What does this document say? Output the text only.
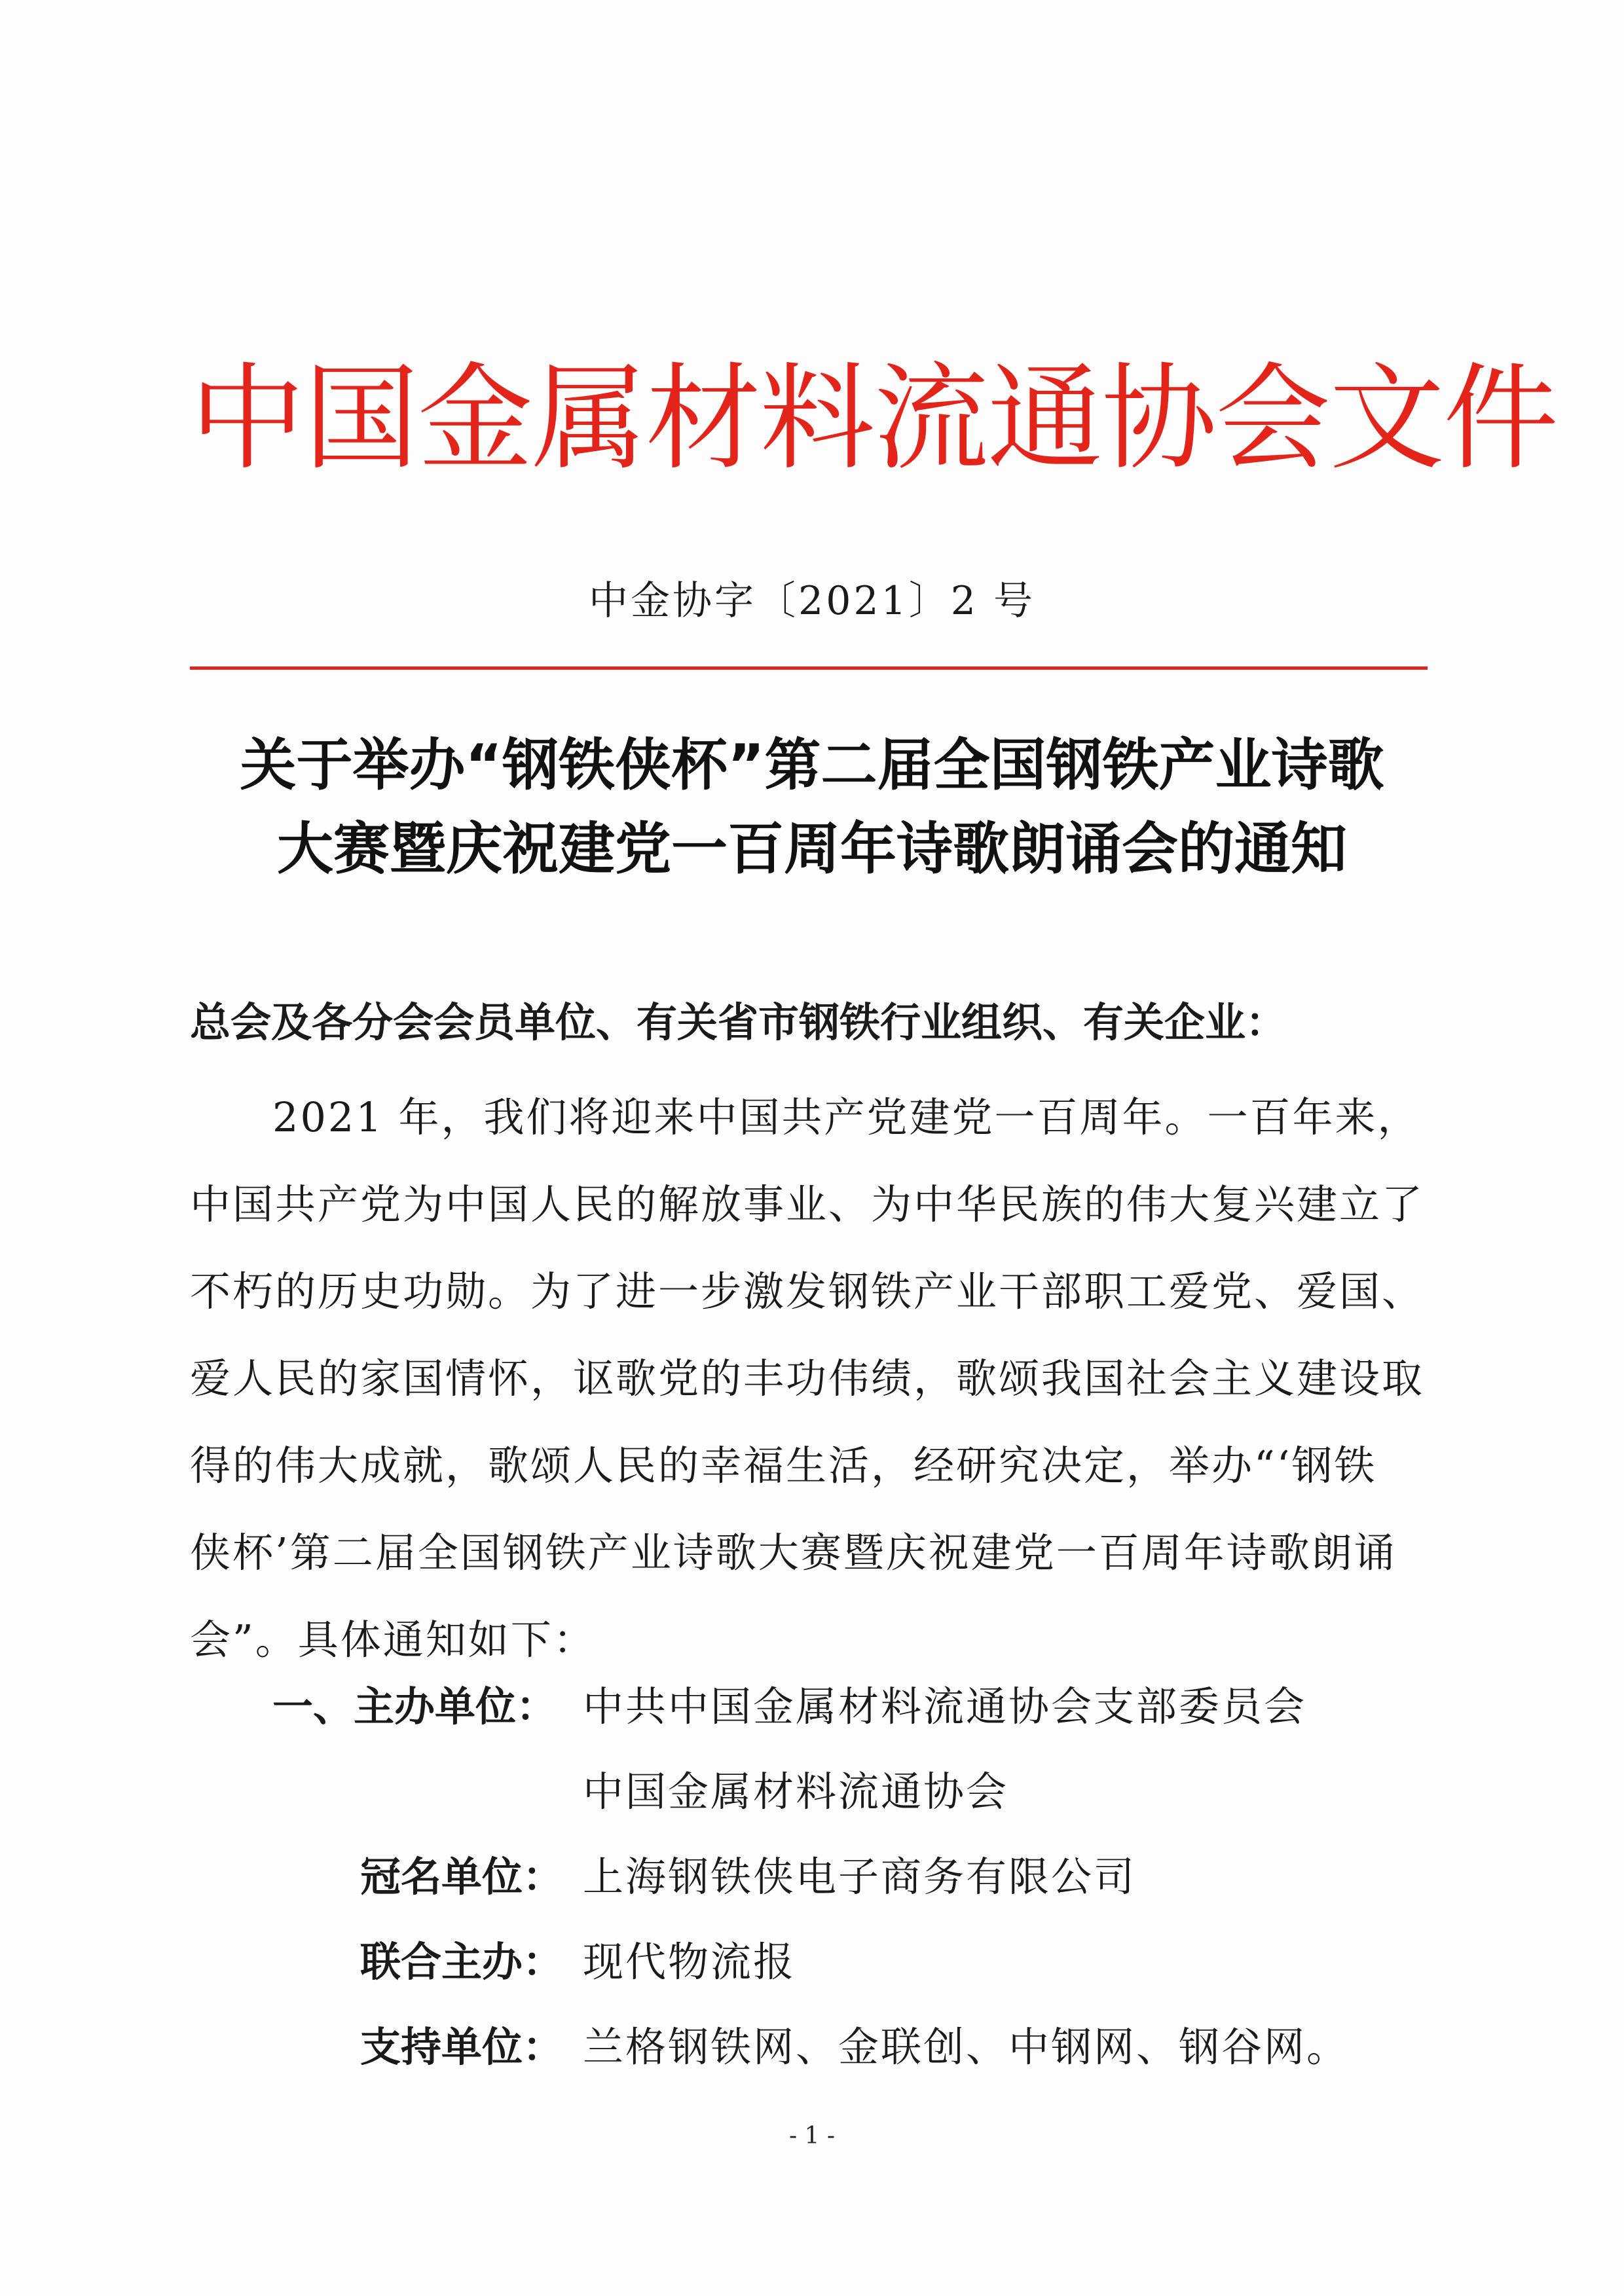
中国金属材料流通协会文件
中金协字〔2021〕2 号
关于举办“钢铁侠杯”第二届全国钢铁产业诗歌
大赛暨庆祝建党一百周年诗歌朗诵会的通知
总会及各分会会员单位、有关省市钢铁行业组织、有关企业：
2021 年，我们将迎来中国共产党建党一百周年。一百年来，
中国共产党为中国人民的解放事业、为中华民族的伟大复兴建立了
不朽的历史功勋。为了进一步激发钢铁产业干部职工爱党、爱国、
爱人民的家国情怀，讴歌党的丰功伟绩，歌颂我国社会主义建设取
得的伟大成就，歌颂人民的幸福生活，经研究决定，举办“‘钢铁
侠杯’第二届全国钢铁产业诗歌大赛暨庆祝建党一百周年诗歌朗诵
会”。具体通知如下：
一、主办单位： 中共中国金属材料流通协会支部委员会
中国金属材料流通协会
冠名单位： 上海钢铁侠电子商务有限公司
联合主办： 现代物流报
支持单位： 兰格钢铁网、金联创、中钢网、钢谷网。
- 1 -
